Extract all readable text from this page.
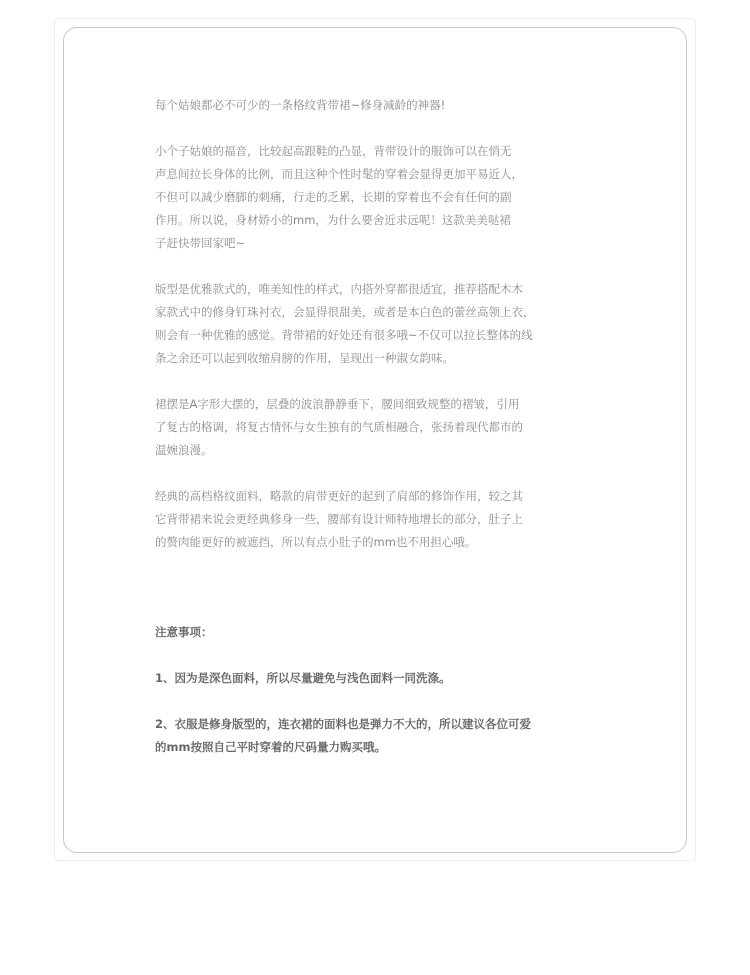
每个姑娘都必不可少的一条格纹背带裙~修身减龄的神器!

小个子姑娘的福音，比较起高跟鞋的凸显，背带设计的服饰可以在悄无
声息间拉长身体的比例，而且这种个性时髦的穿着会显得更加平易近人，
不但可以减少磨脚的刺痛，行走的乏累，长期的穿着也不会有任何的副
作用。所以说，身材娇小的mm，为什么要舍近求远呢！这款美美哒裙
子赶快带回家吧~

版型是优雅款式的，唯美知性的样式，内搭外穿都很适宜，推荐搭配木木
家款式中的修身钉珠衬衣，会显得很甜美，或者是本白色的蕾丝高领上衣，
则会有一种优雅的感觉。背带裙的好处还有很多哦~不仅可以拉长整体的线
条之余还可以起到收缩肩膀的作用，呈现出一种淑女韵味。

裙摆是A字形大摆的，层叠的波浪静静垂下，腰间细致规整的褶皱，引用
了复古的格调，将复古情怀与女生独有的气质相融合，张扬着现代都市的
温婉浪漫。

经典的高档格纹面料，略款的肩带更好的起到了肩部的修饰作用，较之其
它背带裙来说会更经典修身一些，腰部有设计师特地增长的部分，肚子上
的赘肉能更好的被遮挡，所以有点小肚子的mm也不用担心哦。

注意事项：

1、因为是深色面料，所以尽量避免与浅色面料一同洗涤。

2、衣服是修身版型的，连衣裙的面料也是弹力不大的，所以建议各位可爱
的mm按照自己平时穿着的尺码量力购买哦。
